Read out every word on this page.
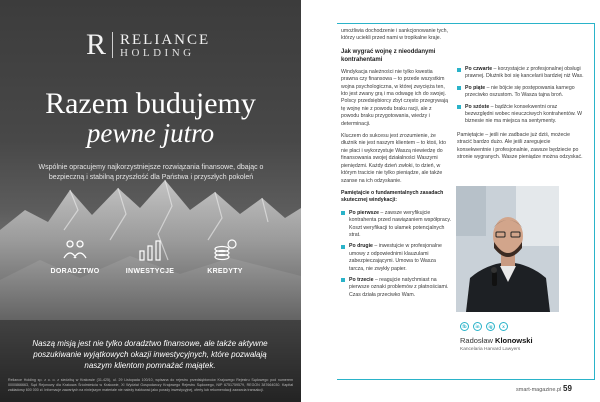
R RELIANCE
HOLDING
Razem budujemy
pewne jutro
Wspólnie opracujemy najkorzystniejsze rozwiązania finansowe, dbając o bezpieczną i stabilną przyszłość dla Państwa i przyszłych pokoleń
DORADZTWO	INWESTYCJE	KREDYTY
Naszą misją jest nie tylko doradztwo finansowe, ale także aktywne poszukiwanie wyjątkowych okazji inwestycyjnych, które pozwalają naszym klientom pomnażać majątek.
Reliance Holding sp. z o. o. z siedzibą w Krakowie (31-425), ul. 29 Listopada 100/10, wpisana do rejestru przedsiębiorców Krajowego Rejestru Sądowego pod numerem 0000866663, Sąd Rejonowy dla Krakowa Śródmieścia w Krakowie, XI Wydział Gospodarczy Krajowego Rejestru Sądowego, NIP 6751759579, REGON 387664030. Kapitał zakładowy 600 000 zł. Informacje zawartych na niniejszym materiale nie należy traktować jako porady inwestycyjnej, oferty lub rekomendacji zawarcia transakcji.

umożliwia dochodzenie i sankcjonowanie tych, którzy uciekli przed nami w tropikalne kraje.

Jak wygrać wojnę z nieoddanymi kontrahentami

Windykacja należności nie tylko kwestia prawna czy finansowa – to przede wszystkim wojna psychologiczna, w której zwycięża ten, kto jest zwany grą i ma odwagę ich do swojej. Polscy przedsiębiorcy zbyt często przegrywają tę wojnę nie z powodu braku racji, ale z powodu braku przygotowania, wiedzy i determinacji.

Kluczem do sukcesu jest zrozumienie, że dłużnik nie jest naszym klientem – to ktoś, kto nie płaci i wykorzystuje Waszą niewiedzę do finansowania swojej działalności Waszymi pieniędzmi. Każdy dzień zwłoki, to dzień, w którym tracicie nie tylko pieniądze, ale także szanse na ich odzyskanie.

Pamiętajcie o fundamentalnych zasadach skutecznej windykacji:

Po pierwsze – zawsze weryfikujcie kontrahenta przed nawiązaniem współpracy. Koszt weryfikacji to ułamek potencjalnych strat.
Po drugie – inwestujcie w profesjonalne umowy z odpowiednimi klauzulami zabezpieczającymi. Umowa to Wasza tarcza, nie zwykły papier.
Po trzecie – reagujcie natychmiast na pierwsze oznaki problemów z płatnościami. Czas działa przeciwko Wam.
Po czwarte – korzystajcie z profesjonalnej obsługi prawnej. Dłużnik boi się kancelarii bardziej niż Was.
Po piąte – nie bójcie się postępowania karnego przeciwko oszustom. To Wasza tajna broń.
Po szóste – bądźcie konsekwentni oraz bezwzględni wobec nieuczciwych kontrahentów. W biznesie nie ma miejsca na sentymenty.

Pamiętajcie – jeśli nie zadbacie już dziś, możecie stracić bardzo dużo. Ale jeśli zaregujecie konsekwentnie i profesjonalnie, zawsze będziecie po stronie wygranych. Wasze pieniądze można odzyskać.

fb	in	ig	x
Radosław Klonowski
Kancelaria Harvard Lawyers
smart-magazine.pl 59
